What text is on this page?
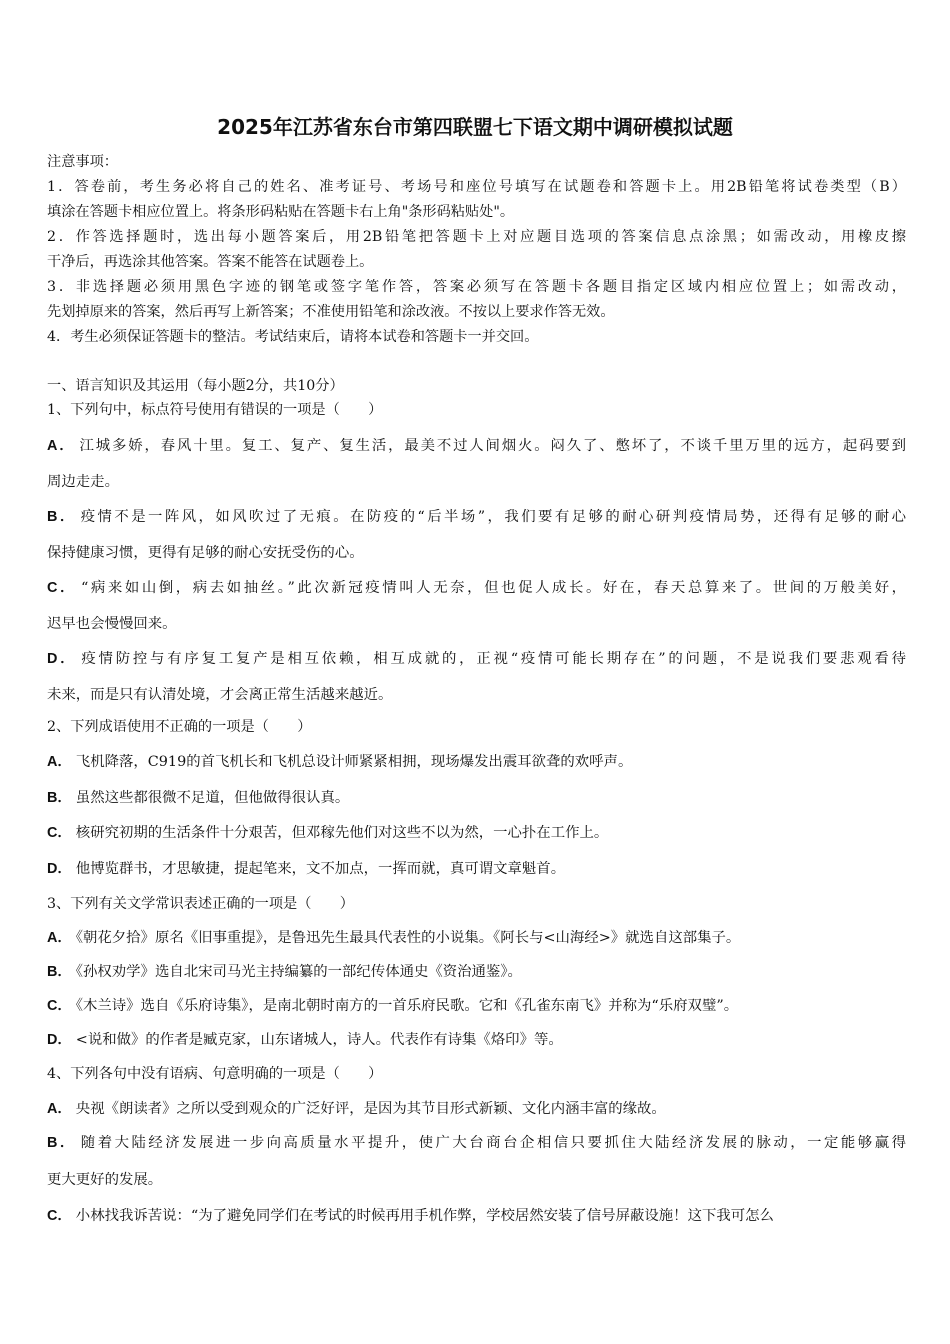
2025年江苏省东台市第四联盟七下语文期中调研模拟试题
注意事项：
1．答卷前，考生务必将自己的姓名、准考证号、考场号和座位号填写在试题卷和答题卡上。用2B铅笔将试卷类型（B）
填涂在答题卡相应位置上。将条形码粘贴在答题卡右上角"条形码粘贴处"。
2．作答选择题时，选出每小题答案后，用2B铅笔把答题卡上对应题目选项的答案信息点涂黑；如需改动，用橡皮擦
干净后，再选涂其他答案。答案不能答在试题卷上。
3．非选择题必须用黑色字迹的钢笔或签字笔作答，答案必须写在答题卡各题目指定区域内相应位置上；如需改动，
先划掉原来的答案，然后再写上新答案；不准使用铅笔和涂改液。不按以上要求作答无效。
4．考生必须保证答题卡的整洁。考试结束后，请将本试卷和答题卡一并交回。
一、语言知识及其运用（每小题2分，共10分）
1、下列句中，标点符号使用有错误的一项是（　　）
A． 江城多娇，春风十里。复工、复产、复生活，最美不过人间烟火。闷久了、憋坏了，不谈千里万里的远方，起码要到
周边走走。
B． 疫情不是一阵风，如风吹过了无痕。在防疫的“后半场”，我们要有足够的耐心研判疫情局势，还得有足够的耐心
保持健康习惯，更得有足够的耐心安抚受伤的心。
C． “病来如山倒，病去如抽丝。”此次新冠疫情叫人无奈，但也促人成长。好在，春天总算来了。世间的万般美好，
迟早也会慢慢回来。
D． 疫情防控与有序复工复产是相互依赖，相互成就的，正视“疫情可能长期存在”的问题，不是说我们要悲观看待
未来，而是只有认清处境，才会离正常生活越来越近。
2、下列成语使用不正确的一项是（　　）
A． 飞机降落，C919的首飞机长和飞机总设计师紧紧相拥，现场爆发出震耳欲聋的欢呼声。
B． 虽然这些都很微不足道，但他做得很认真。
C． 核研究初期的生活条件十分艰苦，但邓稼先他们对这些不以为然，一心扑在工作上。
D． 他博览群书，才思敏捷，提起笔来，文不加点，一挥而就，真可谓文章魁首。
3、下列有关文学常识表述正确的一项是（　　）
A． 《朝花夕拾》原名《旧事重提》，是鲁迅先生最具代表性的小说集。《阿长与<山海经>》就选自这部集子。
B． 《孙权劝学》选自北宋司马光主持编纂的一部纪传体通史《资治通鉴》。
C． 《木兰诗》选自《乐府诗集》，是南北朝时南方的一首乐府民歌。它和《孔雀东南飞》并称为“乐府双璧”。
D． <说和做》的作者是臧克家，山东诸城人，诗人。代表作有诗集《烙印》等。
4、下列各句中没有语病、句意明确的一项是（　　）
A． 央视《朗读者》之所以受到观众的广泛好评，是因为其节目形式新颖、文化内涵丰富的缘故。
B． 随着大陆经济发展进一步向高质量水平提升，使广大台商台企相信只要抓住大陆经济发展的脉动，一定能够赢得
更大更好的发展。
C． 小林找我诉苦说：“为了避免同学们在考试的时候再用手机作弊，学校居然安装了信号屏蔽设施！这下我可怎么
